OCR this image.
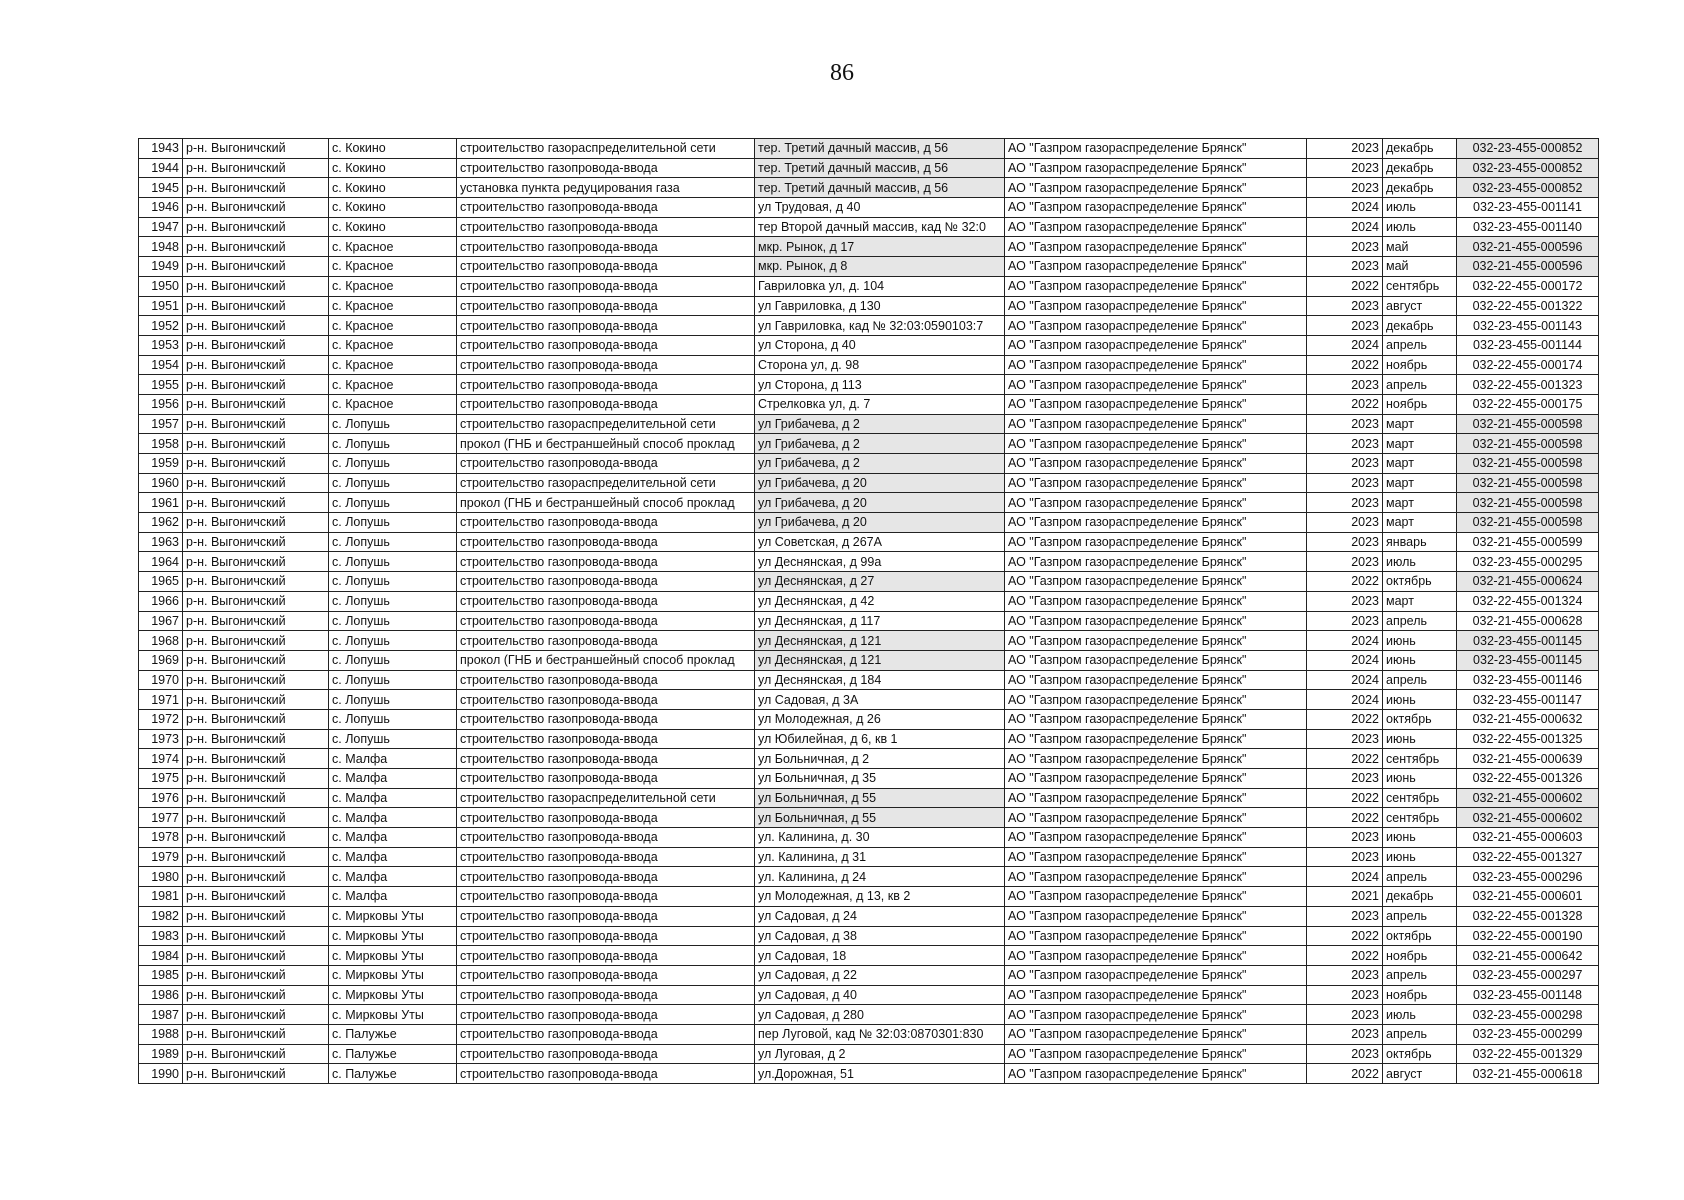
86
1943	р-н. Выгоничский	с. Кокино	строительство газораспределительной сети	тер. Третий дачный массив, д 56	АО "Газпром газораспределение Брянск"	2023	декабрь	032-23-455-000852
1944	р-н. Выгоничский	с. Кокино	строительство газопровода-ввода	тер. Третий дачный массив, д 56	АО "Газпром газораспределение Брянск"	2023	декабрь	032-23-455-000852
1945	р-н. Выгоничский	с. Кокино	установка пункта редуцирования газа	тер. Третий дачный массив, д 56	АО "Газпром газораспределение Брянск"	2023	декабрь	032-23-455-000852
1946	р-н. Выгоничский	с. Кокино	строительство газопровода-ввода	ул Трудовая, д 40	АО "Газпром газораспределение Брянск"	2024	июль	032-23-455-001141
1947	р-н. Выгоничский	с. Кокино	строительство газопровода-ввода	тер Второй дачный массив, кад № 32:0	АО "Газпром газораспределение Брянск"	2024	июль	032-23-455-001140
1948	р-н. Выгоничский	с. Красное	строительство газопровода-ввода	мкр. Рынок, д 17	АО "Газпром газораспределение Брянск"	2023	май	032-21-455-000596
1949	р-н. Выгоничский	с. Красное	строительство газопровода-ввода	мкр. Рынок, д 8	АО "Газпром газораспределение Брянск"	2023	май	032-21-455-000596
1950	р-н. Выгоничский	с. Красное	строительство газопровода-ввода	Гавриловка ул, д. 104	АО "Газпром газораспределение Брянск"	2022	сентябрь	032-22-455-000172
1951	р-н. Выгоничский	с. Красное	строительство газопровода-ввода	ул Гавриловка, д 130	АО "Газпром газораспределение Брянск"	2023	август	032-22-455-001322
1952	р-н. Выгоничский	с. Красное	строительство газопровода-ввода	ул Гавриловка, кад № 32:03:0590103:7	АО "Газпром газораспределение Брянск"	2023	декабрь	032-23-455-001143
1953	р-н. Выгоничский	с. Красное	строительство газопровода-ввода	ул Сторона, д 40	АО "Газпром газораспределение Брянск"	2024	апрель	032-23-455-001144
1954	р-н. Выгоничский	с. Красное	строительство газопровода-ввода	Сторона ул, д. 98	АО "Газпром газораспределение Брянск"	2022	ноябрь	032-22-455-000174
1955	р-н. Выгоничский	с. Красное	строительство газопровода-ввода	ул Сторона, д 113	АО "Газпром газораспределение Брянск"	2023	апрель	032-22-455-001323
1956	р-н. Выгоничский	с. Красное	строительство газопровода-ввода	Стрелковка ул, д. 7	АО "Газпром газораспределение Брянск"	2022	ноябрь	032-22-455-000175
1957	р-н. Выгоничский	с. Лопушь	строительство газораспределительной сети	ул Грибачева, д 2	АО "Газпром газораспределение Брянск"	2023	март	032-21-455-000598
1958	р-н. Выгоничский	с. Лопушь	прокол (ГНБ и бестраншейный способ проклад	ул Грибачева, д 2	АО "Газпром газораспределение Брянск"	2023	март	032-21-455-000598
1959	р-н. Выгоничский	с. Лопушь	строительство газопровода-ввода	ул Грибачева, д 2	АО "Газпром газораспределение Брянск"	2023	март	032-21-455-000598
1960	р-н. Выгоничский	с. Лопушь	строительство газораспределительной сети	ул Грибачева, д 20	АО "Газпром газораспределение Брянск"	2023	март	032-21-455-000598
1961	р-н. Выгоничский	с. Лопушь	прокол (ГНБ и бестраншейный способ проклад	ул Грибачева, д 20	АО "Газпром газораспределение Брянск"	2023	март	032-21-455-000598
1962	р-н. Выгоничский	с. Лопушь	строительство газопровода-ввода	ул Грибачева, д 20	АО "Газпром газораспределение Брянск"	2023	март	032-21-455-000598
1963	р-н. Выгоничский	с. Лопушь	строительство газопровода-ввода	ул Советская, д 267А	АО "Газпром газораспределение Брянск"	2023	январь	032-21-455-000599
1964	р-н. Выгоничский	с. Лопушь	строительство газопровода-ввода	ул Деснянская, д 99а	АО "Газпром газораспределение Брянск"	2023	июль	032-23-455-000295
1965	р-н. Выгоничский	с. Лопушь	строительство газопровода-ввода	ул Деснянская, д 27	АО "Газпром газораспределение Брянск"	2022	октябрь	032-21-455-000624
1966	р-н. Выгоничский	с. Лопушь	строительство газопровода-ввода	ул Деснянская, д 42	АО "Газпром газораспределение Брянск"	2023	март	032-22-455-001324
1967	р-н. Выгоничский	с. Лопушь	строительство газопровода-ввода	ул Деснянская, д 117	АО "Газпром газораспределение Брянск"	2023	апрель	032-21-455-000628
1968	р-н. Выгоничский	с. Лопушь	строительство газопровода-ввода	ул Деснянская, д 121	АО "Газпром газораспределение Брянск"	2024	июнь	032-23-455-001145
1969	р-н. Выгоничский	с. Лопушь	прокол (ГНБ и бестраншейный способ проклад	ул Деснянская, д 121	АО "Газпром газораспределение Брянск"	2024	июнь	032-23-455-001145
1970	р-н. Выгоничский	с. Лопушь	строительство газопровода-ввода	ул Деснянская, д 184	АО "Газпром газораспределение Брянск"	2024	апрель	032-23-455-001146
1971	р-н. Выгоничский	с. Лопушь	строительство газопровода-ввода	ул Садовая, д 3А	АО "Газпром газораспределение Брянск"	2024	июнь	032-23-455-001147
1972	р-н. Выгоничский	с. Лопушь	строительство газопровода-ввода	ул Молодежная, д 26	АО "Газпром газораспределение Брянск"	2022	октябрь	032-21-455-000632
1973	р-н. Выгоничский	с. Лопушь	строительство газопровода-ввода	ул Юбилейная, д 6, кв 1	АО "Газпром газораспределение Брянск"	2023	июнь	032-22-455-001325
1974	р-н. Выгоничский	с. Малфа	строительство газопровода-ввода	ул Больничная, д 2	АО "Газпром газораспределение Брянск"	2022	сентябрь	032-21-455-000639
1975	р-н. Выгоничский	с. Малфа	строительство газопровода-ввода	ул Больничная, д 35	АО "Газпром газораспределение Брянск"	2023	июнь	032-22-455-001326
1976	р-н. Выгоничский	с. Малфа	строительство газораспределительной сети	ул Больничная, д 55	АО "Газпром газораспределение Брянск"	2022	сентябрь	032-21-455-000602
1977	р-н. Выгоничский	с. Малфа	строительство газопровода-ввода	ул Больничная, д 55	АО "Газпром газораспределение Брянск"	2022	сентябрь	032-21-455-000602
1978	р-н. Выгоничский	с. Малфа	строительство газопровода-ввода	ул. Калинина, д. 30	АО "Газпром газораспределение Брянск"	2023	июнь	032-21-455-000603
1979	р-н. Выгоничский	с. Малфа	строительство газопровода-ввода	ул. Калинина, д 31	АО "Газпром газораспределение Брянск"	2023	июнь	032-22-455-001327
1980	р-н. Выгоничский	с. Малфа	строительство газопровода-ввода	ул. Калинина, д 24	АО "Газпром газораспределение Брянск"	2024	апрель	032-23-455-000296
1981	р-н. Выгоничский	с. Малфа	строительство газопровода-ввода	ул Молодежная, д 13, кв 2	АО "Газпром газораспределение Брянск"	2021	декабрь	032-21-455-000601
1982	р-н. Выгоничский	с. Мирковы Уты	строительство газопровода-ввода	ул Садовая, д 24	АО "Газпром газораспределение Брянск"	2023	апрель	032-22-455-001328
1983	р-н. Выгоничский	с. Мирковы Уты	строительство газопровода-ввода	ул Садовая, д 38	АО "Газпром газораспределение Брянск"	2022	октябрь	032-22-455-000190
1984	р-н. Выгоничский	с. Мирковы Уты	строительство газопровода-ввода	ул Садовая, 18	АО "Газпром газораспределение Брянск"	2022	ноябрь	032-21-455-000642
1985	р-н. Выгоничский	с. Мирковы Уты	строительство газопровода-ввода	ул Садовая, д 22	АО "Газпром газораспределение Брянск"	2023	апрель	032-23-455-000297
1986	р-н. Выгоничский	с. Мирковы Уты	строительство газопровода-ввода	ул Садовая, д 40	АО "Газпром газораспределение Брянск"	2023	ноябрь	032-23-455-001148
1987	р-н. Выгоничский	с. Мирковы Уты	строительство газопровода-ввода	ул Садовая, д 280	АО "Газпром газораспределение Брянск"	2023	июль	032-23-455-000298
1988	р-н. Выгоничский	с. Палужье	строительство газопровода-ввода	пер Луговой, кад № 32:03:0870301:830	АО "Газпром газораспределение Брянск"	2023	апрель	032-23-455-000299
1989	р-н. Выгоничский	с. Палужье	строительство газопровода-ввода	ул Луговая, д 2	АО "Газпром газораспределение Брянск"	2023	октябрь	032-22-455-001329
1990	р-н. Выгоничский	с. Палужье	строительство газопровода-ввода	ул.Дорожная, 51	АО "Газпром газораспределение Брянск"	2022	август	032-21-455-000618
